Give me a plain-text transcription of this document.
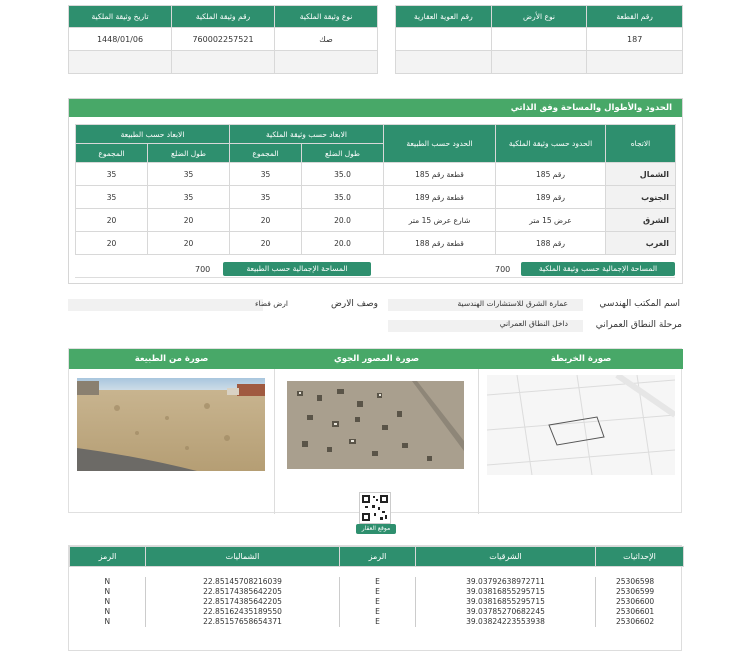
تاريخ وثيقة الملكية	رقم وثيقة الملكية	نوع وثيقة الملكية
1448/01/06	760002257521	صك

رقم العوية العقارية	نوع الأرض	رقم القطعة
		187

الحدود والأطوال والمساحة وفق الذاتي
الابعاد حسب الطبيعة		الابعاد حسب وثيقة الملكية		الحدود حسب الطبيعة	الحدود حسب وثيقة الملكية	الاتجاه
المجموع	طول الضلع	المجموع	طول الضلع			
35	35	35	35.0	قطعة رقم 185	رقم 185	الشمال
35	35	35	35.0	قطعة رقم 189	رقم 189	الجنوب
20	20	20	20.0	شارع عرض 15 متر	عرض 15 متر	الشرق
20	20	20	20.0	قطعة رقم 188	رقم 188	الغرب
700	المساحة الإجمالية حسب الطبيعة	700	المساحة الإجمالية حسب وثيقة الملكية
ارض فضاء	وصف الارض	عمارة الشرق للاستشارات الهندسية	اسم المكتب الهندسي
داخل النطاق العمراني	مرحلة النطاق العمراني
صورة من الطبيعة	صورة المصور الجوي	صورة الخريطة
موقع العقار
الرمز	الشماليات	الرمز	الشرقيات	الإحداثيات

N	22.85145708216039	E	39.03792638972711	25306598
N	22.85174385642205	E	39.03816855295715	25306599
N	22.85174385642205	E	39.03816855295715	25306600
N	22.85162435189550	E	39.03785270682245	25306601
N	22.85157658654371	E	39.03824223553938	25306602
